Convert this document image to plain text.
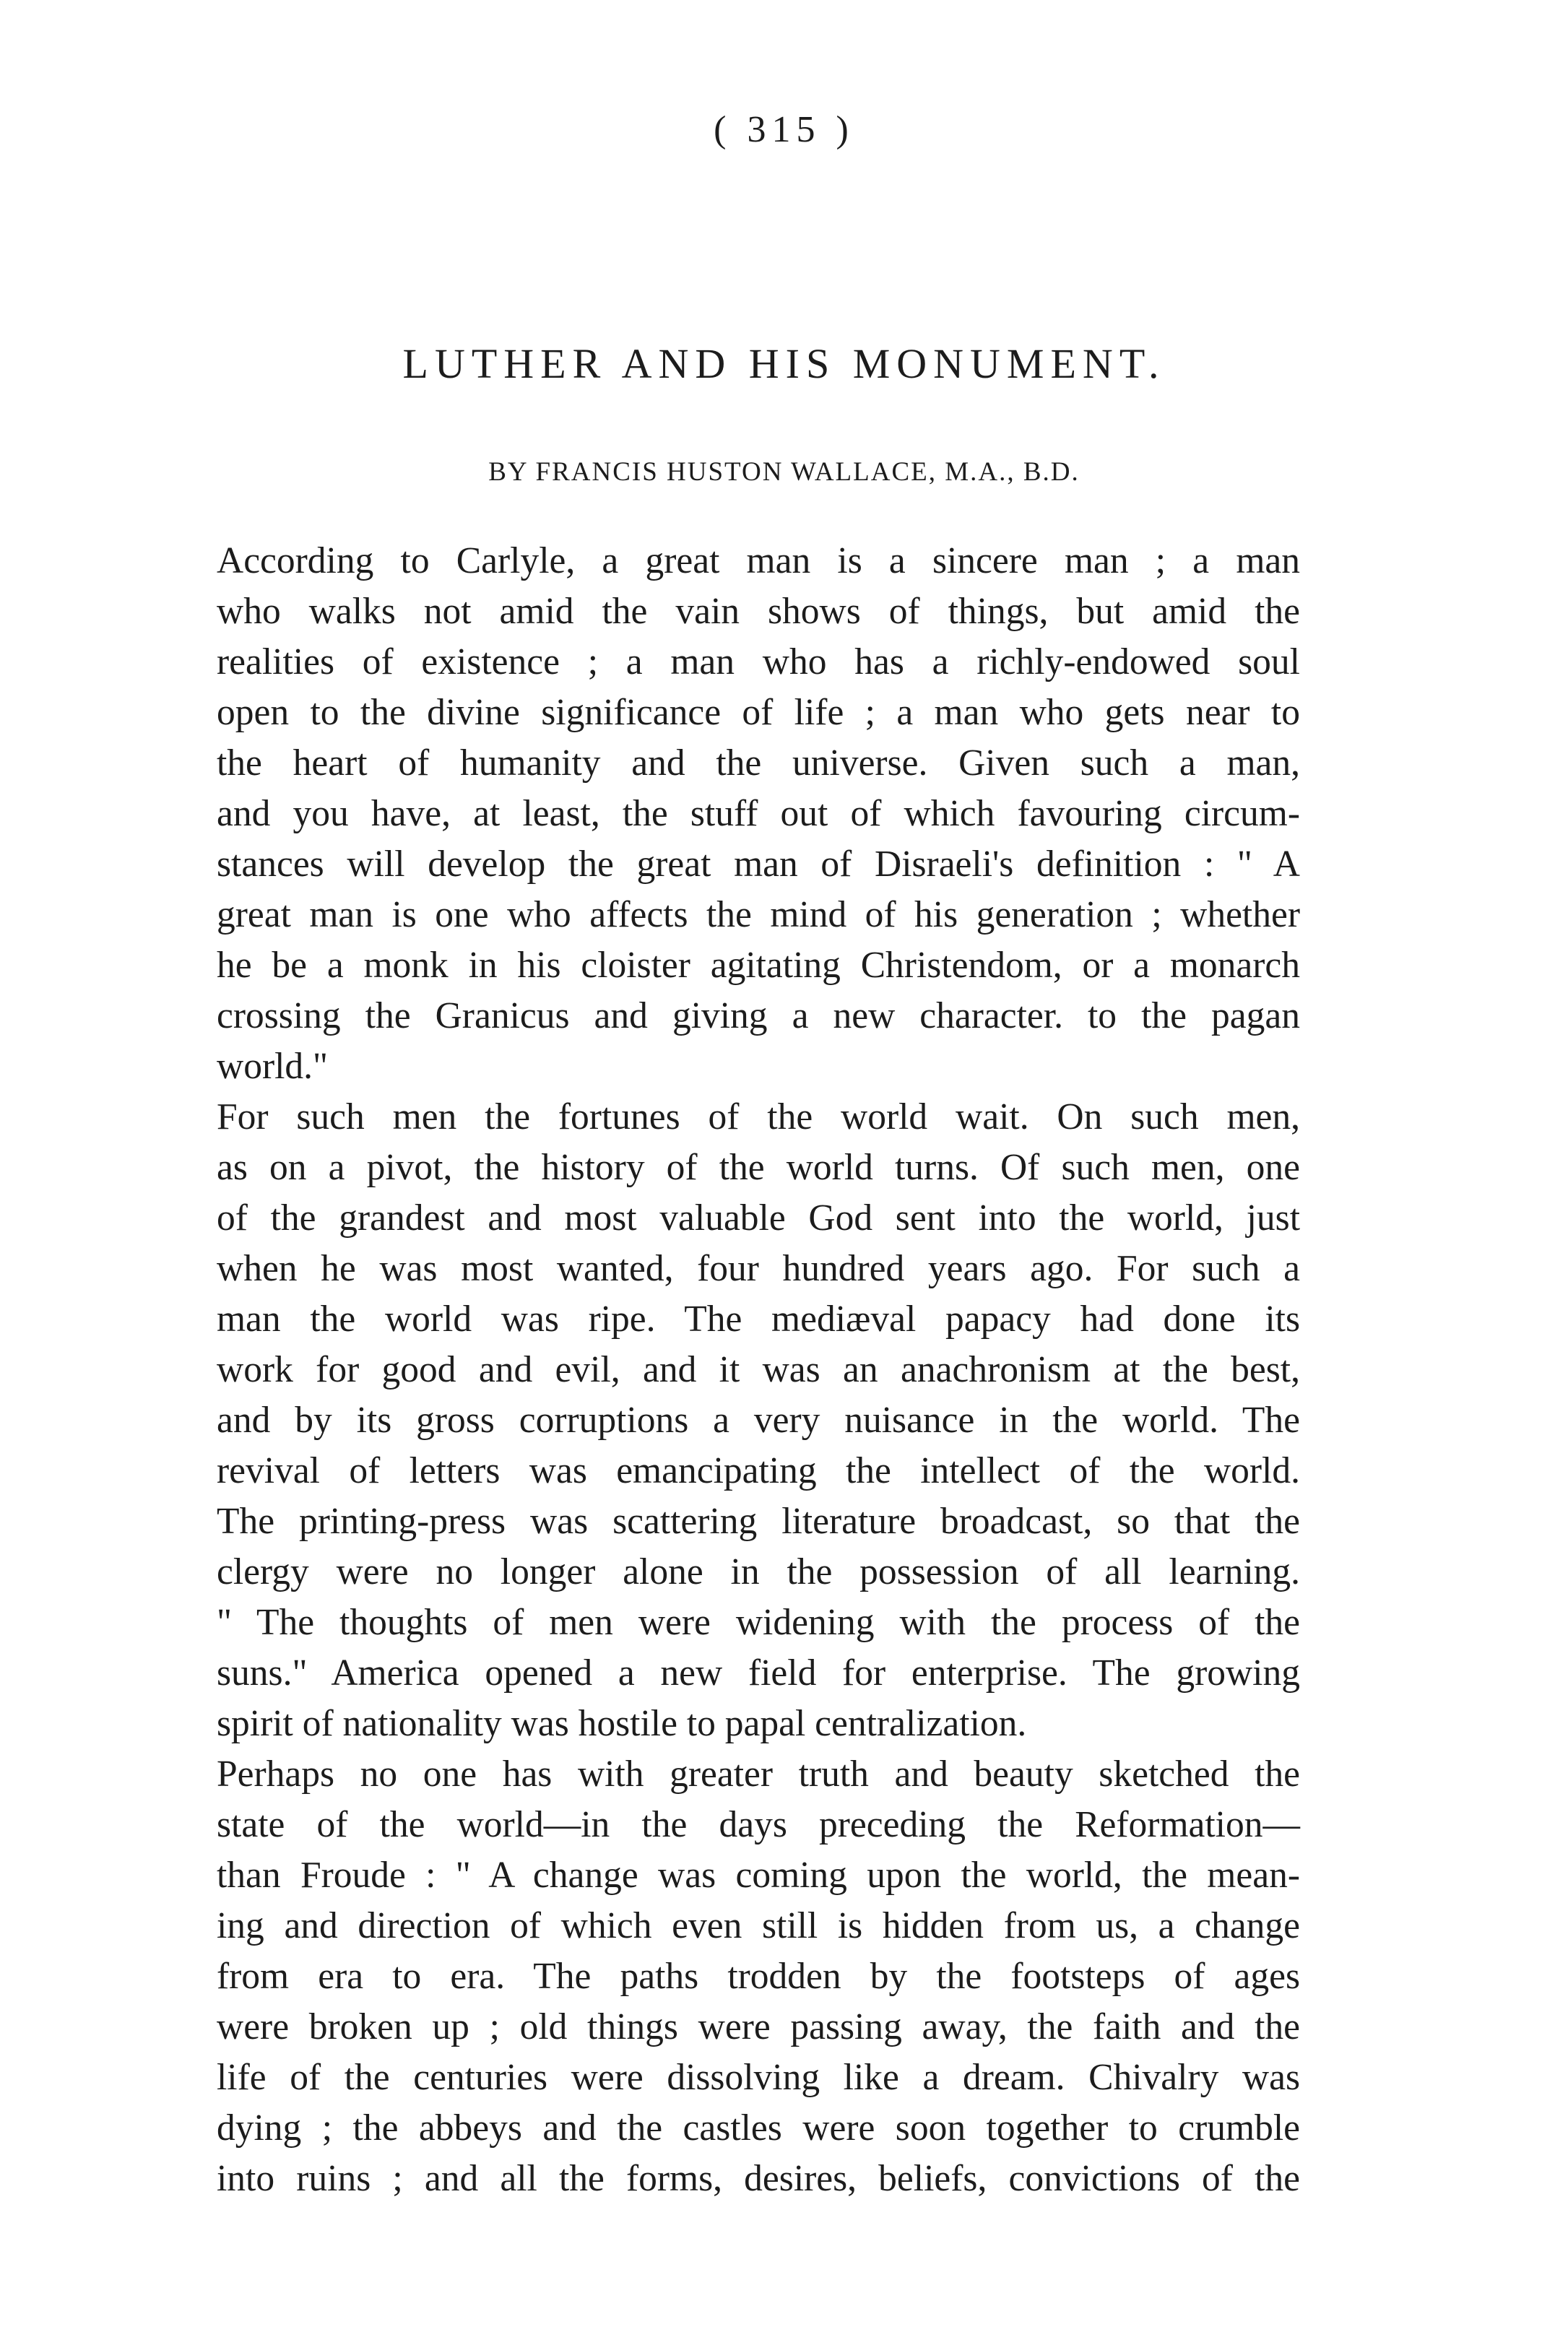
( 315 )
LUTHER AND HIS MONUMENT.
BY FRANCIS HUSTON WALLACE, M.A., B.D.
According to Carlyle, a great man is a sincere man ; a man
who walks not amid the vain shows of things, but amid the
realities of existence ; a man who has a richly-endowed soul
open to the divine significance of life ; a man who gets near to
the heart of humanity and the universe. Given such a man,
and you have, at least, the stuff out of which favouring circum-
stances will develop the great man of Disraeli's definition : " A
great man is one who affects the mind of his generation ; whether
he be a monk in his cloister agitating Christendom, or a monarch
crossing the Granicus and giving a new character. to the pagan
world."
For such men the fortunes of the world wait. On such men,
as on a pivot, the history of the world turns. Of such men, one
of the grandest and most valuable God sent into the world, just
when he was most wanted, four hundred years ago. For such a
man the world was ripe. The mediæval papacy had done its
work for good and evil, and it was an anachronism at the best,
and by its gross corruptions a very nuisance in the world. The
revival of letters was emancipating the intellect of the world.
The printing-press was scattering literature broadcast, so that the
clergy were no longer alone in the possession of all learning.
" The thoughts of men were widening with the process of the
suns." America opened a new field for enterprise. The growing
spirit of nationality was hostile to papal centralization.
Perhaps no one has with greater truth and beauty sketched the
state of the world—in the days preceding the Reformation—
than Froude : " A change was coming upon the world, the mean-
ing and direction of which even still is hidden from us, a change
from era to era. The paths trodden by the footsteps of ages
were broken up ; old things were passing away, the faith and the
life of the centuries were dissolving like a dream. Chivalry was
dying ; the abbeys and the castles were soon together to crumble
into ruins ; and all the forms, desires, beliefs, convictions of the
